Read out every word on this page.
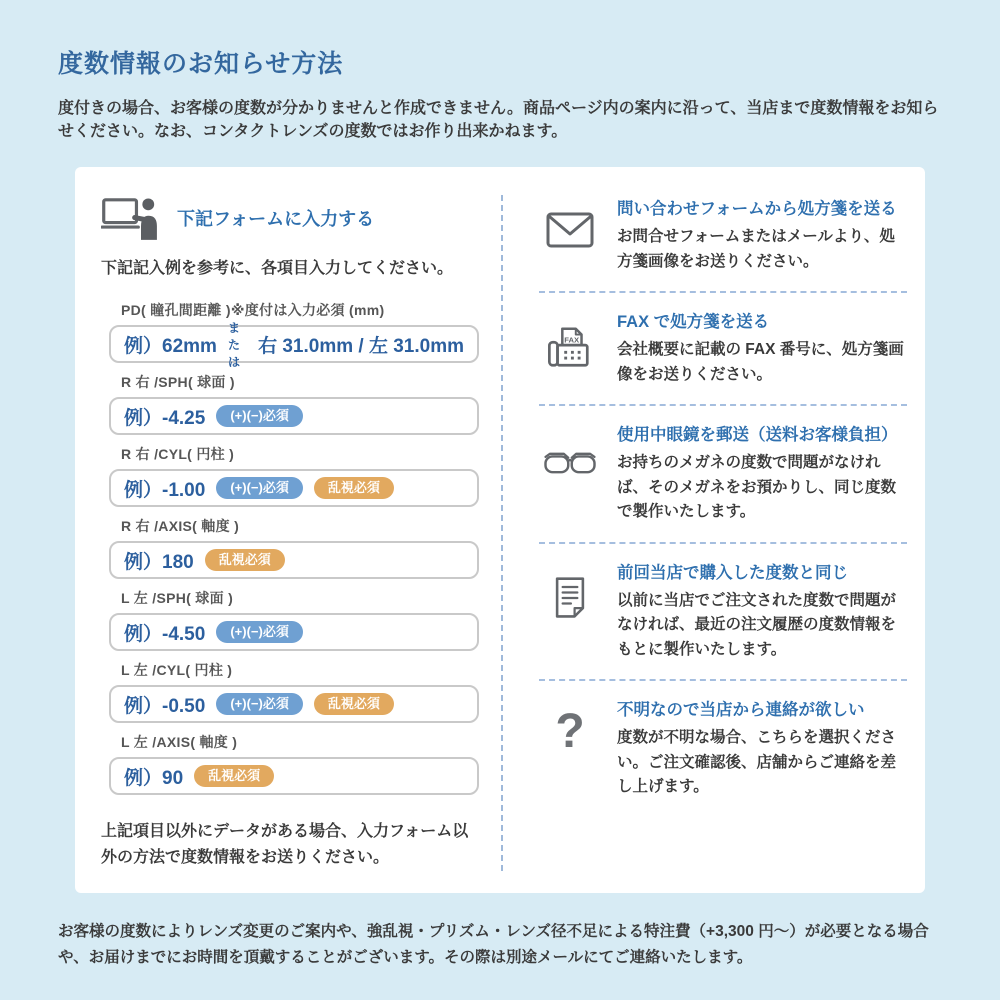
度数情報のお知らせ方法

度付きの場合、お客様の度数が分かりませんと作成できません。商品ページ内の案内に沿って、当店まで度数情報をお知らせください。なお、コンタクトレンズの度数ではお作り出来かねます。

下記フォームに入力する

下記記入例を参考に、各項目入力してください。

PD( 瞳孔間距離 )※度付は入力必須 (mm)
例）62mm
または
右 31.0mm / 左 31.0mm
R 右 /SPH( 球面 )
例）-4.25	(+)(−)必須
R 右 /CYL( 円柱 )
例）-1.00	(+)(−)必須	乱視必須
R 右 /AXIS( 軸度 )
例）180	乱視必須
L 左 /SPH( 球面 )
例）-4.50	(+)(−)必須
L 左 /CYL( 円柱 )
例）-0.50	(+)(−)必須	乱視必須
L 左 /AXIS( 軸度 )
例）90	乱視必須

上記項目以外にデータがある場合、入力フォーム以外の方法で度数情報をお送りください。

問い合わせフォームから処方箋を送る
お問合せフォームまたはメールより、処方箋画像をお送りください。
FAX
FAX で処方箋を送る
会社概要に記載の FAX 番号に、処方箋画像をお送りください。
使用中眼鏡を郵送（送料お客様負担）
お持ちのメガネの度数で問題がなければ、そのメガネをお預かりし、同じ度数で製作いたします。
前回当店で購入した度数と同じ
以前に当店でご注文された度数で問題がなければ、最近の注文履歴の度数情報をもとに製作いたします。
? 不明なので当店から連絡が欲しい
度数が不明な場合、こちらを選択ください。ご注文確認後、店舗からご連絡を差し上げます。

お客様の度数によりレンズ変更のご案内や、強乱視・プリズム・レンズ径不足による特注費（+3,300 円～）が必要となる場合や、お届けまでにお時間を頂戴することがございます。その際は別途メールにてご連絡いたします。
